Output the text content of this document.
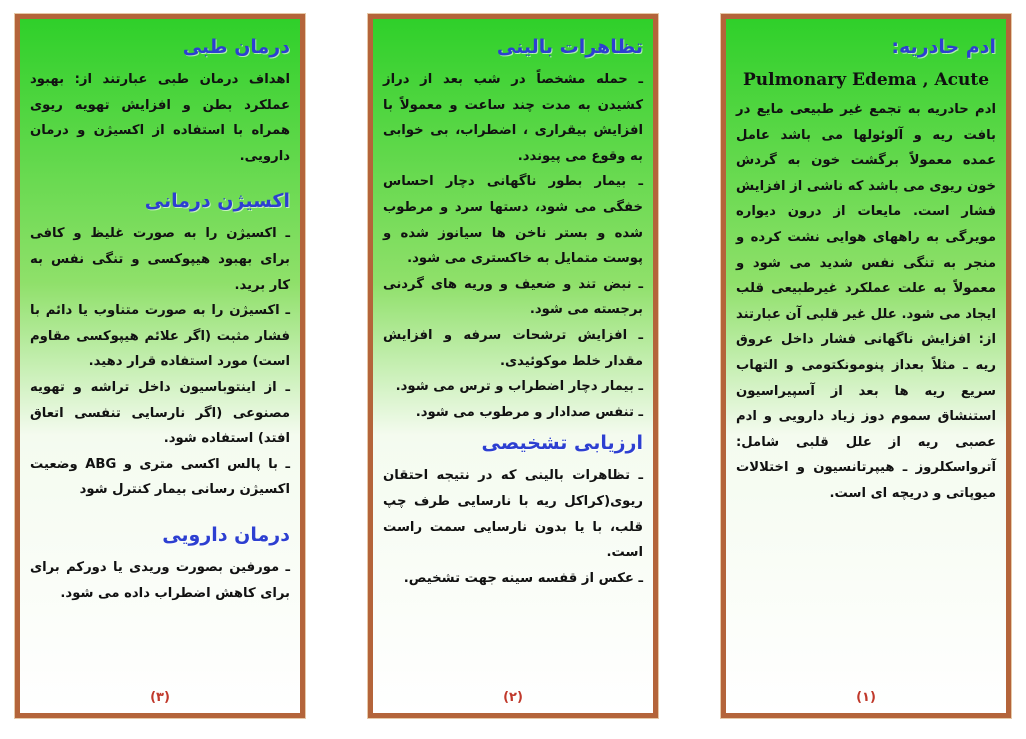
ادم حادریه:
Pulmonary Edema , Acute

ادم حادریه به تجمع غیر طبیعی مایع در بافت ریه و آلوئولها می باشد عامل عمده معمولاً برگشت خون به گردش خون ریوی می باشد که ناشی از افزایش فشار است. مایعات از درون دیواره مویرگی به راههای هوایی نشت کرده و منجر به تنگی نفس شدید می شود و معمولاً به علت عملکرد غیرطبیعی قلب ایجاد می شود. علل غیر قلبی آن عبارتند از: افزایش ناگهانی فشار داخل عروق ریه ـ مثلاً بعداز پنومونکتومی و التهاب سریع ریه ها بعد از آسپیراسیون استنشاق سموم دوز زیاد دارویی و ادم عصبی ریه از علل قلبی شامل: آترواسکلروز ـ هیپرتانسیون و اختلالات میوپاتی و دریچه ای است.

(۱)
تظاهرات بالینی

ـ حمله مشخصاً در شب بعد از دراز کشیدن به مدت چند ساعت و معمولاً با افزایش بیقراری ، اضطراب، بی خوابی به وقوع می پیوندد.

ـ بیمار بطور ناگهانی دچار احساس خفگی می شود، دستها سرد و مرطوب شده و بستر ناخن ها سیانوز شده و پوست متمایل به خاکستری می شود.

ـ نبض تند و ضعیف و وریه های گردنی برجسته می شود.

ـ افزایش ترشحات سرفه و افزایش مقدار خلط موکوئیدی.

ـ بیمار دچار اضطراب و ترس می شود.

ـ تنفس صدادار و مرطوب می شود.

ارزیابی تشخیصی

ـ تظاهرات بالینی که در نتیجه احتقان ریوی(کراکل ریه با نارسایی طرف چپ قلب، با یا بدون نارسایی سمت راست است.

ـ عکس از قفسه سینه جهت تشخیص.

(۲)
درمان طبی

اهداف درمان طبی عبارتند از: بهبود عملکرد بطن و افزایش تهویه ریوی همراه با استفاده از اکسیژن و درمان دارویی.

اکسیژن درمانی

ـ اکسیژن را به صورت غلیظ و کافی برای بهبود هیپوکسی و تنگی نفس به کار برید.

ـ اکسیژن را به صورت متناوب یا دائم با فشار مثبت (اگر علائم هیپوکسی مقاوم است) مورد استفاده قرار دهید.

ـ از اینتوباسیون داخل تراشه و تهویه مصنوعی (اگر نارسایی تنفسی اتعاق افتد) استفاده شود.

ـ با پالس اکسی متری و ABG وضعیت اکسیژن رسانی بیمار کنترل شود

درمان دارویی

ـ مورفین بصورت وریدی یا دورکم برای برای کاهش اضطراب داده می شود.

(۳)
